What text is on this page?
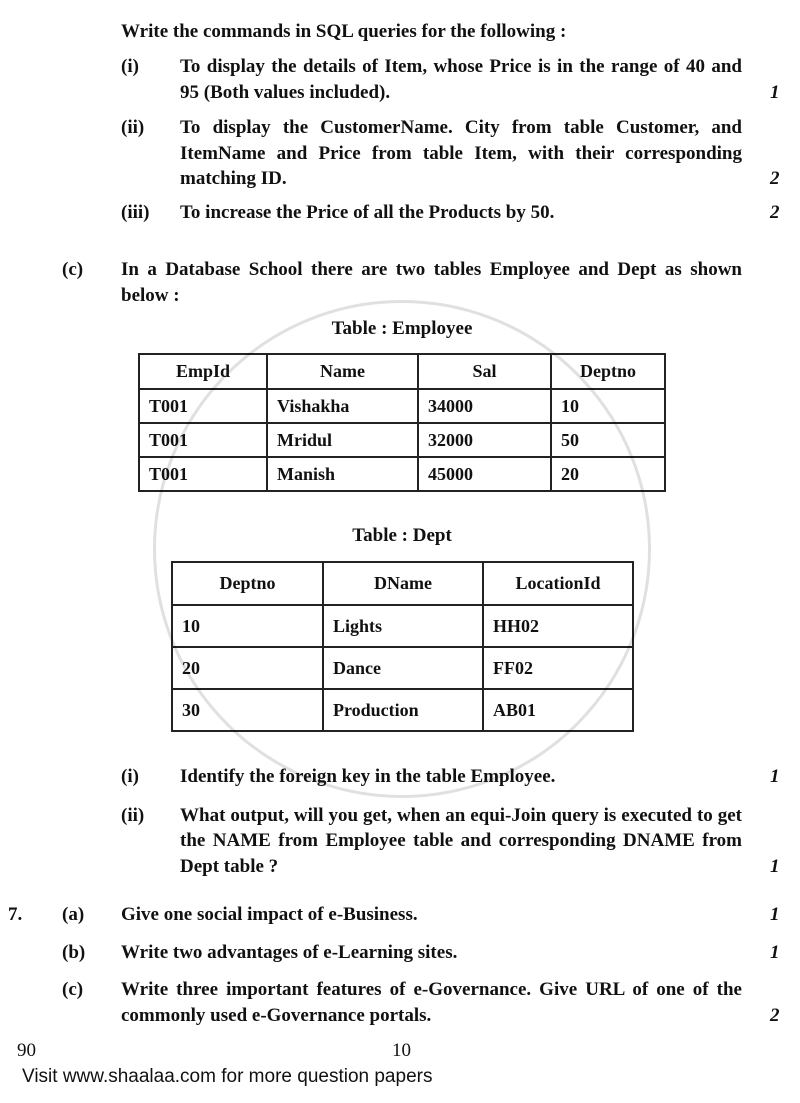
Write the commands in SQL queries for the following :
(i) To display the details of Item, whose Price is in the range of 40 and 95 (Both values included).	1
(ii) To display the CustomerName. City from table Customer, and ItemName and Price from table Item, with their corresponding matching ID.	2
(iii) To increase the Price of all the Products by 50.	2
(c) In a Database School there are two tables Employee and Dept as shown below :
Table : Employee
EmpId	Name	Sal	Deptno
T001	Vishakha	34000	10
T001	Mridul	32000	50
T001	Manish	45000	20
Table : Dept
Deptno	DName	LocationId
10	Lights	HH02
20	Dance	FF02
30	Production	AB01
(i) Identify the foreign key in the table Employee.	1
(ii) What output, will you get, when an equi-Join query is executed to get the NAME from Employee table and corresponding DNAME from Dept table ?	1
7. (a) Give one social impact of e-Business.	1
(b) Write two advantages of e-Learning sites.	1
(c) Write three important features of e-Governance. Give URL of one of the commonly used e-Governance portals.	2
90	10
Visit www.shaalaa.com for more question papers
